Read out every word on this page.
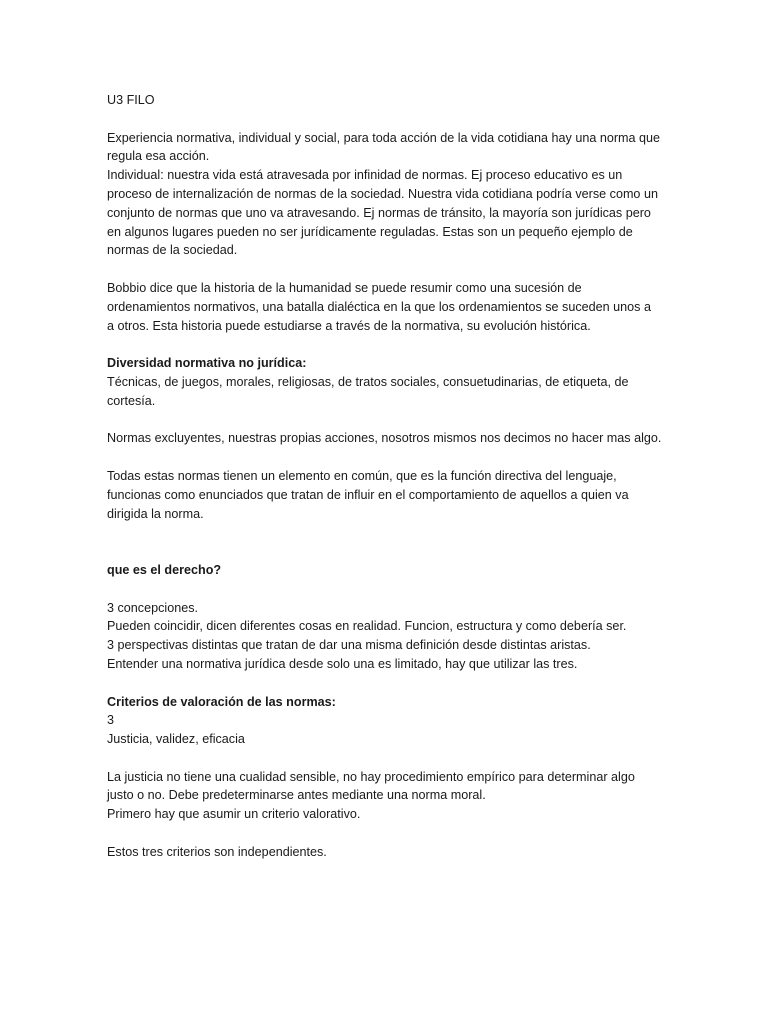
U3 FILO
Experiencia normativa, individual y social, para toda acción de la vida cotidiana hay una norma que
regula esa acción.
Individual: nuestra vida está atravesada por infinidad de normas. Ej proceso educativo es un
proceso de internalización de normas de la sociedad. Nuestra vida cotidiana podría verse como un
conjunto de normas que uno va atravesando. Ej normas de tránsito, la mayoría son jurídicas pero
en algunos lugares pueden no ser jurídicamente reguladas. Estas son un pequeño ejemplo de
normas de la sociedad.
Bobbio dice que la historia de la humanidad se puede resumir como una sucesión de
ordenamientos normativos, una batalla dialéctica en la que los ordenamientos se suceden unos a
a otros. Esta historia puede estudiarse a través de la normativa, su evolución histórica.
Diversidad normativa no jurídica:
Técnicas, de juegos, morales, religiosas, de tratos sociales, consuetudinarias, de etiqueta, de
cortesía.
Normas excluyentes, nuestras propias acciones, nosotros mismos nos decimos no hacer mas algo.
Todas estas normas tienen un elemento en común, que es la función directiva del lenguaje,
funcionas como enunciados que tratan de influir en el comportamiento de aquellos a quien va
dirigida la norma.
que es el derecho?
3 concepciones.
Pueden coincidir, dicen diferentes cosas en realidad. Funcion, estructura y como debería ser.
3 perspectivas distintas que tratan de dar una misma definición desde distintas aristas.
Entender una normativa jurídica desde solo una es limitado, hay que utilizar las tres.
Criterios de valoración de las normas:
3
Justicia, validez, eficacia
La justicia no tiene una cualidad sensible, no hay procedimiento empírico para determinar algo
justo o no. Debe predeterminarse antes mediante una norma moral.
Primero hay que asumir un criterio valorativo.
Estos tres criterios son independientes.
